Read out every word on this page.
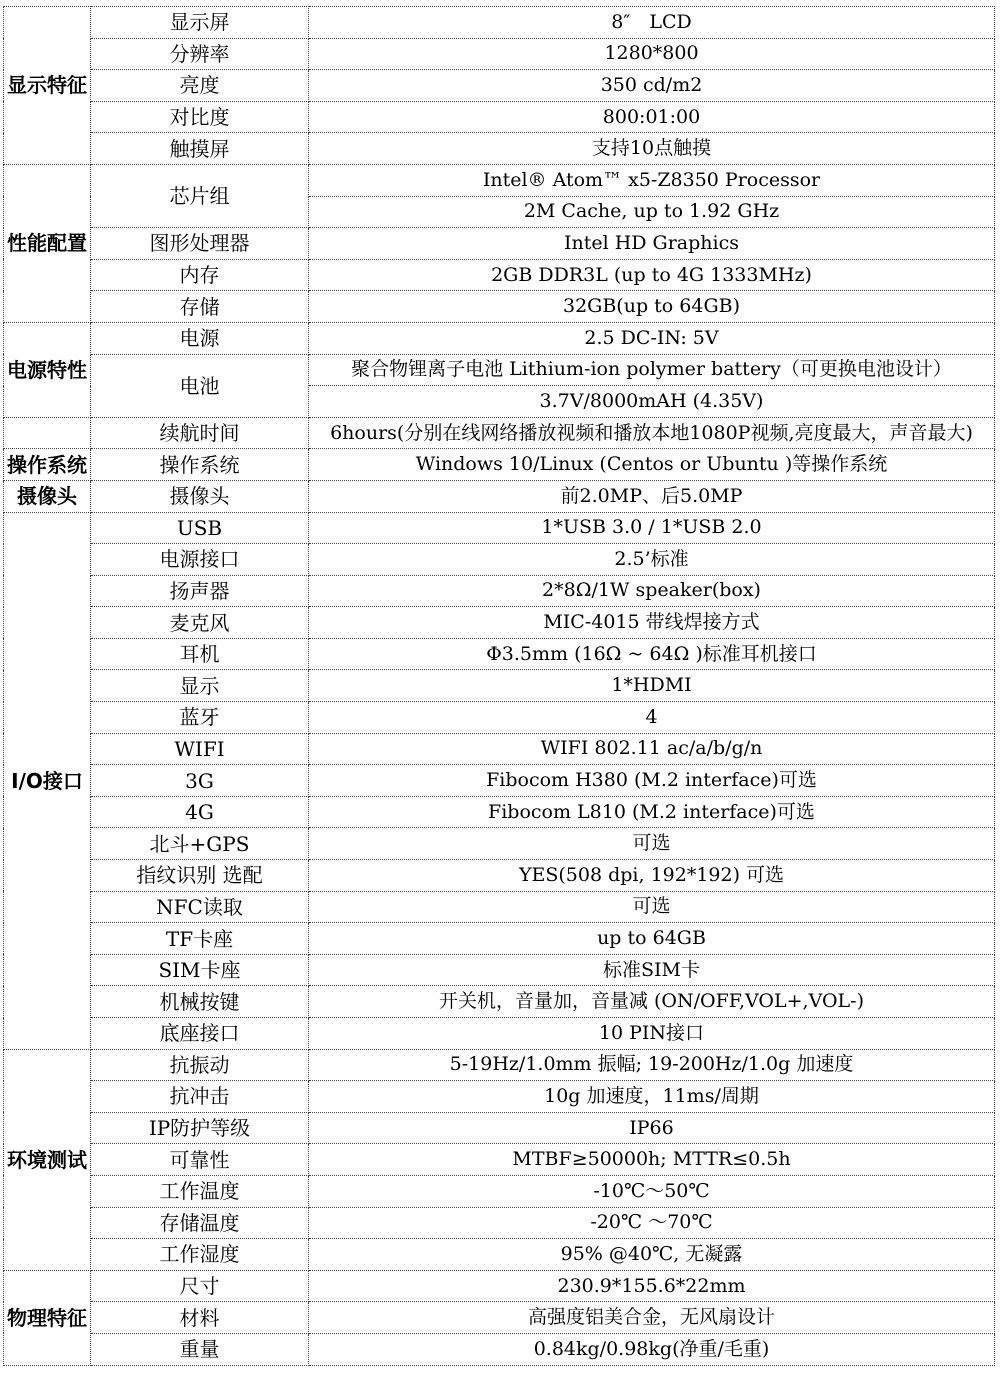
显示特征	显示屏	8″　LCD
	分辨率	1280*800
	亮度	350 cd/m2
	对比度	800:01:00
	触摸屏	支持10点触摸
性能配置	芯片组	Intel® Atom™ x5-Z8350 Processor
		2M Cache, up to 1.92 GHz
	图形处理器	Intel HD Graphics
	内存	2GB DDR3L (up to 4G 1333MHz)
	存储	32GB(up to 64GB)
电源特性	电源	2.5 DC-IN: 5V
	电池	聚合物锂离子电池 Lithium-ion polymer battery（可更换电池设计）
		3.7V/8000mAH (4.35V)
	续航时间	6hours(分别在线网络播放视频和播放本地1080P视频,亮度最大，声音最大)
操作系统	操作系统	Windows 10/Linux (Centos or Ubuntu )等操作系统
摄像头	摄像头	前2.0MP、后5.0MP
I/O接口	USB	1*USB 3.0 / 1*USB 2.0
	电源接口	2.5’标准
	扬声器	2*8Ω/1W speaker(box)
	麦克风	MIC-4015 带线焊接方式
	耳机	Φ3.5mm (16Ω ~ 64Ω )标准耳机接口
	显示	1*HDMI
	蓝牙	4
	WIFI	WIFI 802.11 ac/a/b/g/n
	3G	Fibocom H380 (M.2 interface)可选
	4G	Fibocom L810 (M.2 interface)可选
	北斗+GPS	可选
	指纹识别 选配	YES(508 dpi, 192*192) 可选
	NFC读取	可选
	TF卡座	up to 64GB
	SIM卡座	标准SIM卡
	机械按键	开关机，音量加，音量减 (ON/OFF,VOL+,VOL-)
	底座接口	10 PIN接口
环境测试	抗振动	5-19Hz/1.0mm 振幅; 19-200Hz/1.0g 加速度
	抗冲击	10g 加速度，11ms/周期
	IP防护等级	IP66
	可靠性	MTBF≥50000h; MTTR≤0.5h
	工作温度	-10℃～50℃
	存储温度	-20℃ ～70℃
	工作湿度	95% @40℃, 无凝露
物理特征	尺寸	230.9*155.6*22mm
	材料	高强度铝美合金，无风扇设计
	重量	0.84kg/0.98kg(净重/毛重)
